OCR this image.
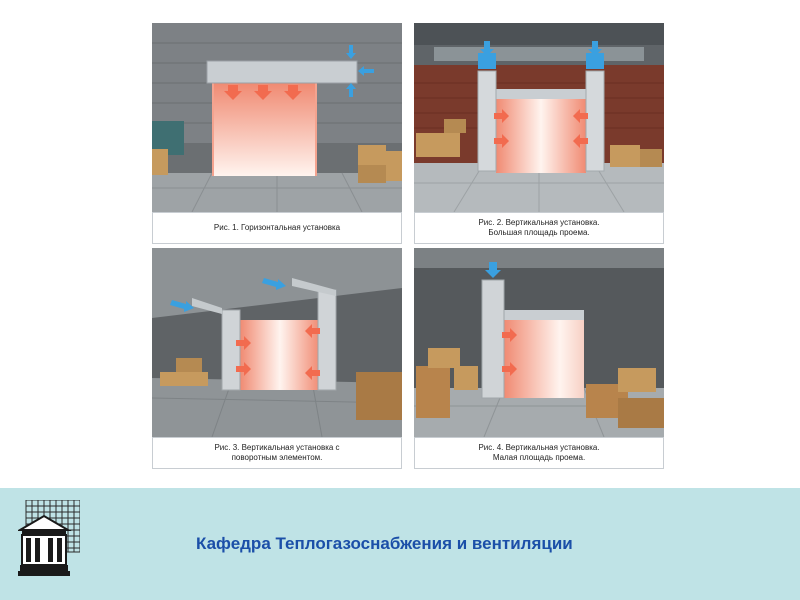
Рис. 1. Горизонтальная установка
Рис. 2. Вертикальная установка.
Большая площадь проема.
Рис. 3. Вертикальная установка с
поворотным элементом.
Рис. 4. Вертикальная установка.
Малая площадь проема.
Кафедра Теплогазоснабжения и вентиляции
